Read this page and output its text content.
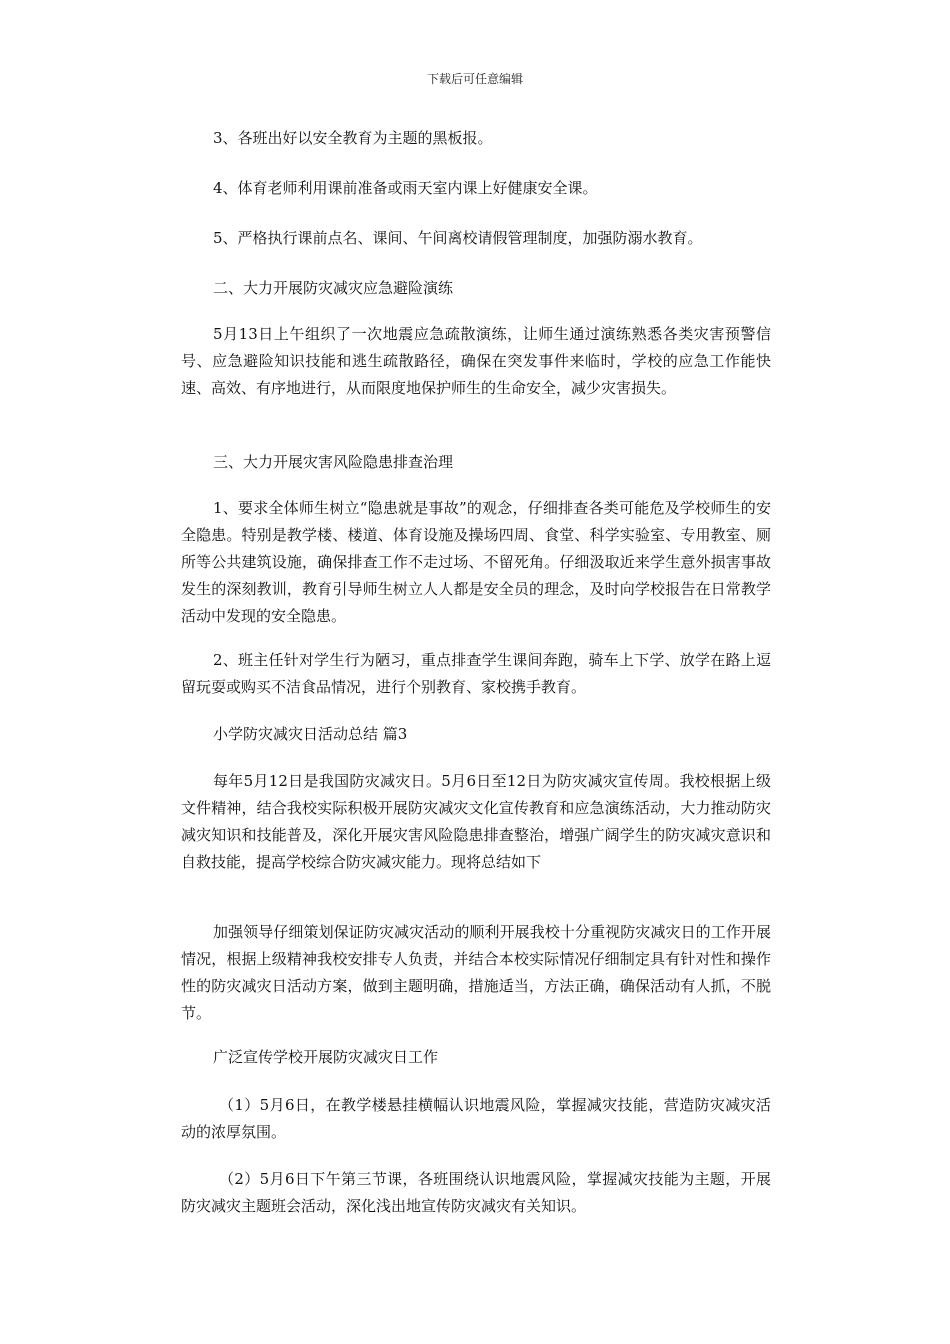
下载后可任意编辑

3、各班出好以安全教育为主题的黑板报。

4、体育老师利用课前准备或雨天室内课上好健康安全课。

5、严格执行课前点名、课间、午间离校请假管理制度，加强防溺水教育。

二、大力开展防灾减灾应急避险演练

5月13日上午组织了一次地震应急疏散演练，让师生通过演练熟悉各类灾害预警信号、应急避险知识技能和逃生疏散路径，确保在突发事件来临时，学校的应急工作能快速、高效、有序地进行，从而限度地保护师生的生命安全，减少灾害损失。

三、大力开展灾害风险隐患排查治理

1、要求全体师生树立“隐患就是事故”的观念，仔细排查各类可能危及学校师生的安全隐患。特别是教学楼、楼道、体育设施及操场四周、食堂、科学实验室、专用教室、厕所等公共建筑设施，确保排查工作不走过场、不留死角。仔细汲取近来学生意外损害事故发生的深刻教训，教育引导师生树立人人都是安全员的理念，及时向学校报告在日常教学活动中发现的安全隐患。

2、班主任针对学生行为陋习，重点排查学生课间奔跑，骑车上下学、放学在路上逗留玩耍或购买不洁食品情况，进行个别教育、家校携手教育。

小学防灾减灾日活动总结 篇3

每年5月12日是我国防灾减灾日。5月6日至12日为防灾减灾宣传周。我校根据上级文件精神，结合我校实际积极开展防灾减灾文化宣传教育和应急演练活动，大力推动防灾减灾知识和技能普及，深化开展灾害风险隐患排查整治，增强广阔学生的防灾减灾意识和自救技能，提高学校综合防灾减灾能力。现将总结如下

加强领导仔细策划保证防灾减灾活动的顺利开展我校十分重视防灾减灾日的工作开展情况，根据上级精神我校安排专人负责，并结合本校实际情况仔细制定具有针对性和操作性的防灾减灾日活动方案，做到主题明确，措施适当，方法正确，确保活动有人抓，不脱节。

广泛宣传学校开展防灾减灾日工作

（1）5月6日，在教学楼悬挂横幅认识地震风险，掌握减灾技能，营造防灾减灾活动的浓厚氛围。

（2）5月6日下午第三节课，各班围绕认识地震风险，掌握减灾技能为主题，开展防灾减灾主题班会活动，深化浅出地宣传防灾减灾有关知识。
